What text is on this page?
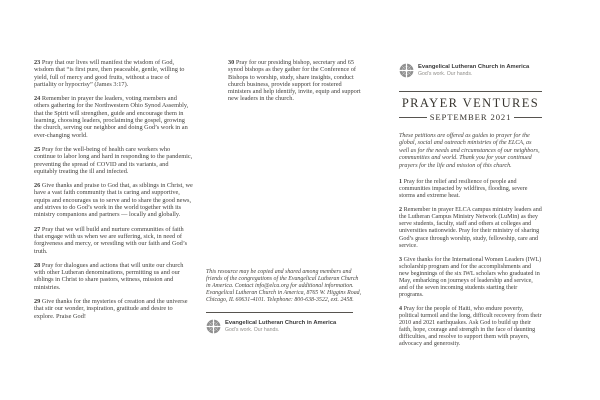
23 Pray that our lives will manifest the wisdom of God, wisdom that “is first pure, then peaceable, gentle, willing to yield, full of mercy and good fruits, without a trace of partiality or hypocrisy” (James 3:17).

24 Remember in prayer the leaders, voting members and others gathering for the Northwestern Ohio Synod Assembly, that the Spirit will strengthen, guide and encourage them in learning, choosing leaders, proclaiming the gospel, growing the church, serving our neighbor and doing God’s work in an ever-changing world.

25 Pray for the well-being of health care workers who continue to labor long and hard in responding to the pandemic, preventing the spread of COVID and its variants, and equitably treating the ill and infected.

26 Give thanks and praise to God that, as siblings in Christ, we have a vast faith community that is caring and supportive, equips and encourages us to serve and to share the good news, and strives to do God’s work in the world together with its ministry companions and partners — locally and globally.

27 Pray that we will build and nurture communities of faith that engage with us when we are suffering, sick, in need of forgiveness and mercy, or wrestling with our faith and God’s truth.

28 Pray for dialogues and actions that will unite our church with other Lutheran denominations, permitting us and our siblings in Christ to share pastors, witness, mission and ministries.

29 Give thanks for the mysteries of creation and the universe that stir our wonder, inspiration, gratitude and desire to explore. Praise God!

30 Pray for our presiding bishop, secretary and 65 synod bishops as they gather for the Conference of Bishops to worship, study, share insights, conduct church business, provide support for rostered ministers and help identify, invite, equip and support new leaders in the church.

This resource may be copied and shared among members and friends of the congregations of the Evangelical Lutheran Church in America. Contact info@elca.org for additional information. Evangelical Lutheran Church in America, 8765 W. Higgins Road, Chicago, IL 60631-4101. Telephone: 800-638-3522, ext. 2458.

Evangelical Lutheran Church in America
God’s work. Our hands.
Evangelical Lutheran Church in America
God’s work. Our hands.
PRAYER VENTURES
SEPTEMBER 2021

These petitions are offered as guides to prayer for the global, social and outreach ministries of the ELCA, as well as for the needs and circumstances of our neighbors, communities and world. Thank you for your continued prayers for the life and mission of this church.

1 Pray for the relief and resilience of people and communities impacted by wildfires, flooding, severe storms and extreme heat.

2 Remember in prayer ELCA campus ministry leaders and the Lutheran Campus Ministry Network (LuMin) as they serve students, faculty, staff and others at colleges and universities nationwide. Pray for their ministry of sharing God’s grace through worship, study, fellowship, care and service.

3 Give thanks for the International Women Leaders (IWL) scholarship program and for the accomplishments and new beginnings of the six IWL scholars who graduated in May, embarking on journeys of leadership and service, and of the seven incoming students starting their programs.

4 Pray for the people of Haiti, who endure poverty, political turmoil and the long, difficult recovery from their 2010 and 2021 earthquakes. Ask God to build up their faith, hope, courage and strength in the face of daunting difficulties, and resolve to support them with prayers, advocacy and generosity.
